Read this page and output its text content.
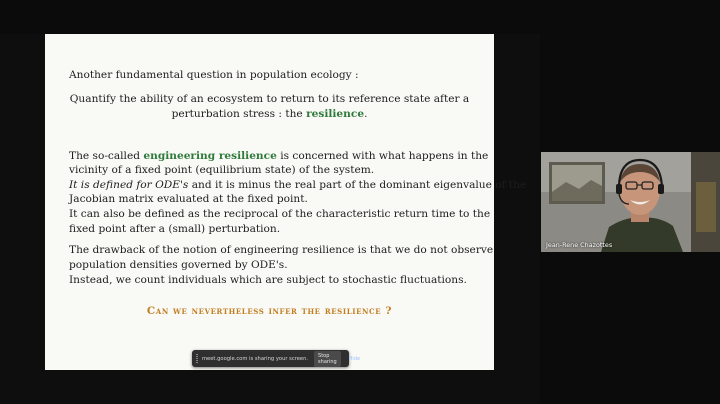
Another fundamental question in population ecology :
Quantify the ability of an ecosystem to return to its reference state after a
perturbation stress : the resilience.
The so-called engineering resilience is concerned with what happens in the
vicinity of a fixed point (equilibrium state) of the system.
It is defined for ODE's and it is minus the real part of the dominant eigenvalue of the
Jacobian matrix evaluated at the fixed point.
It can also be defined as the reciprocal of the characteristic return time to the
fixed point after a (small) perturbation.
The drawback of the notion of engineering resilience is that we do not observe
population densities governed by ODE's.
Instead, we count individuals which are subject to stochastic fluctuations.
Can we nevertheless infer the resilience ?
meet.google.com is sharing your screen.	Stop sharing	Hide
Jean-Rene Chazottes
